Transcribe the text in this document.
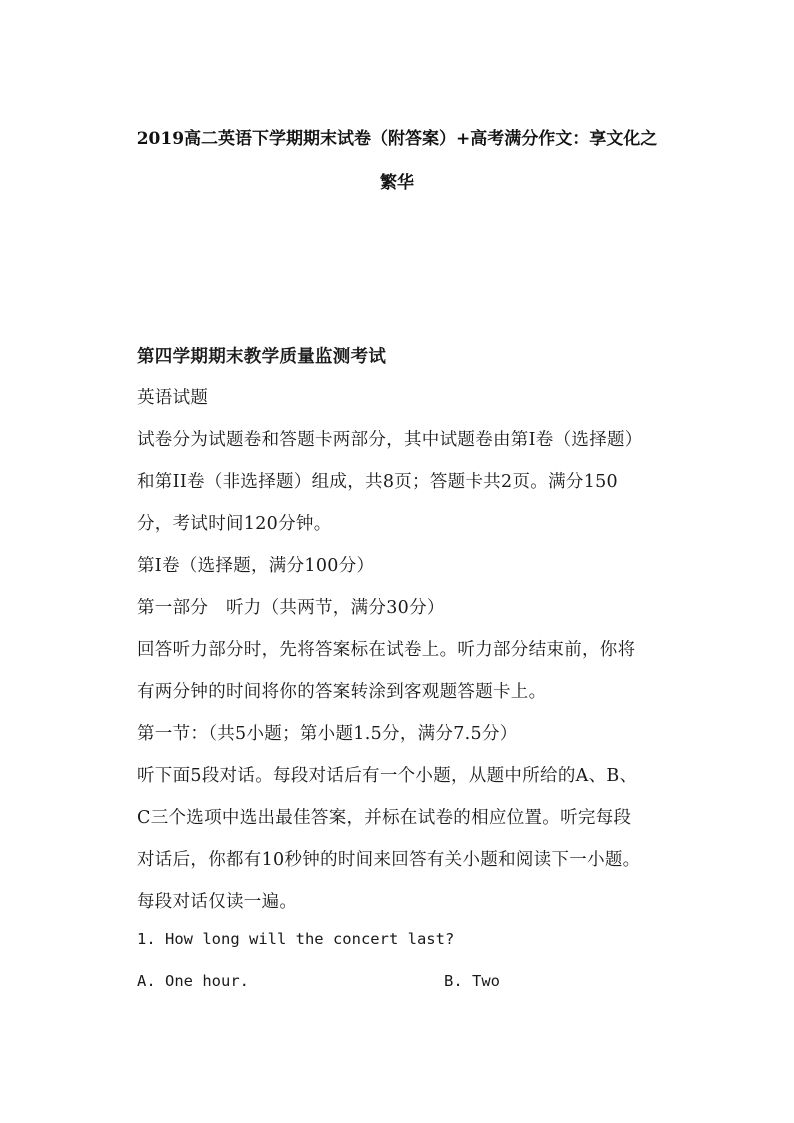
2019高二英语下学期期末试卷（附答案）+高考满分作文：享文化之
繁华
第四学期期末教学质量监测考试
英语试题
试卷分为试题卷和答题卡两部分，其中试题卷由第Ⅰ卷（选择题）
和第II卷（非选择题）组成，共8页；答题卡共2页。满分150
分，考试时间120分钟。
第Ⅰ卷（选择题，满分100分）
第一部分　听力（共两节，满分30分）
回答听力部分时，先将答案标在试卷上。听力部分结束前，你将
有两分钟的时间将你的答案转涂到客观题答题卡上。
第一节：（共5小题；第小题1.5分，满分7.5分）
听下面5段对话。每段对话后有一个小题，从题中所给的A、B、
C三个选项中选出最佳答案，并标在试卷的相应位置。听完每段
对话后，你都有10秒钟的时间来回答有关小题和阅读下一小题。
每段对话仅读一遍。
1. How long will the concert last?
A. One hour.	B. Two
